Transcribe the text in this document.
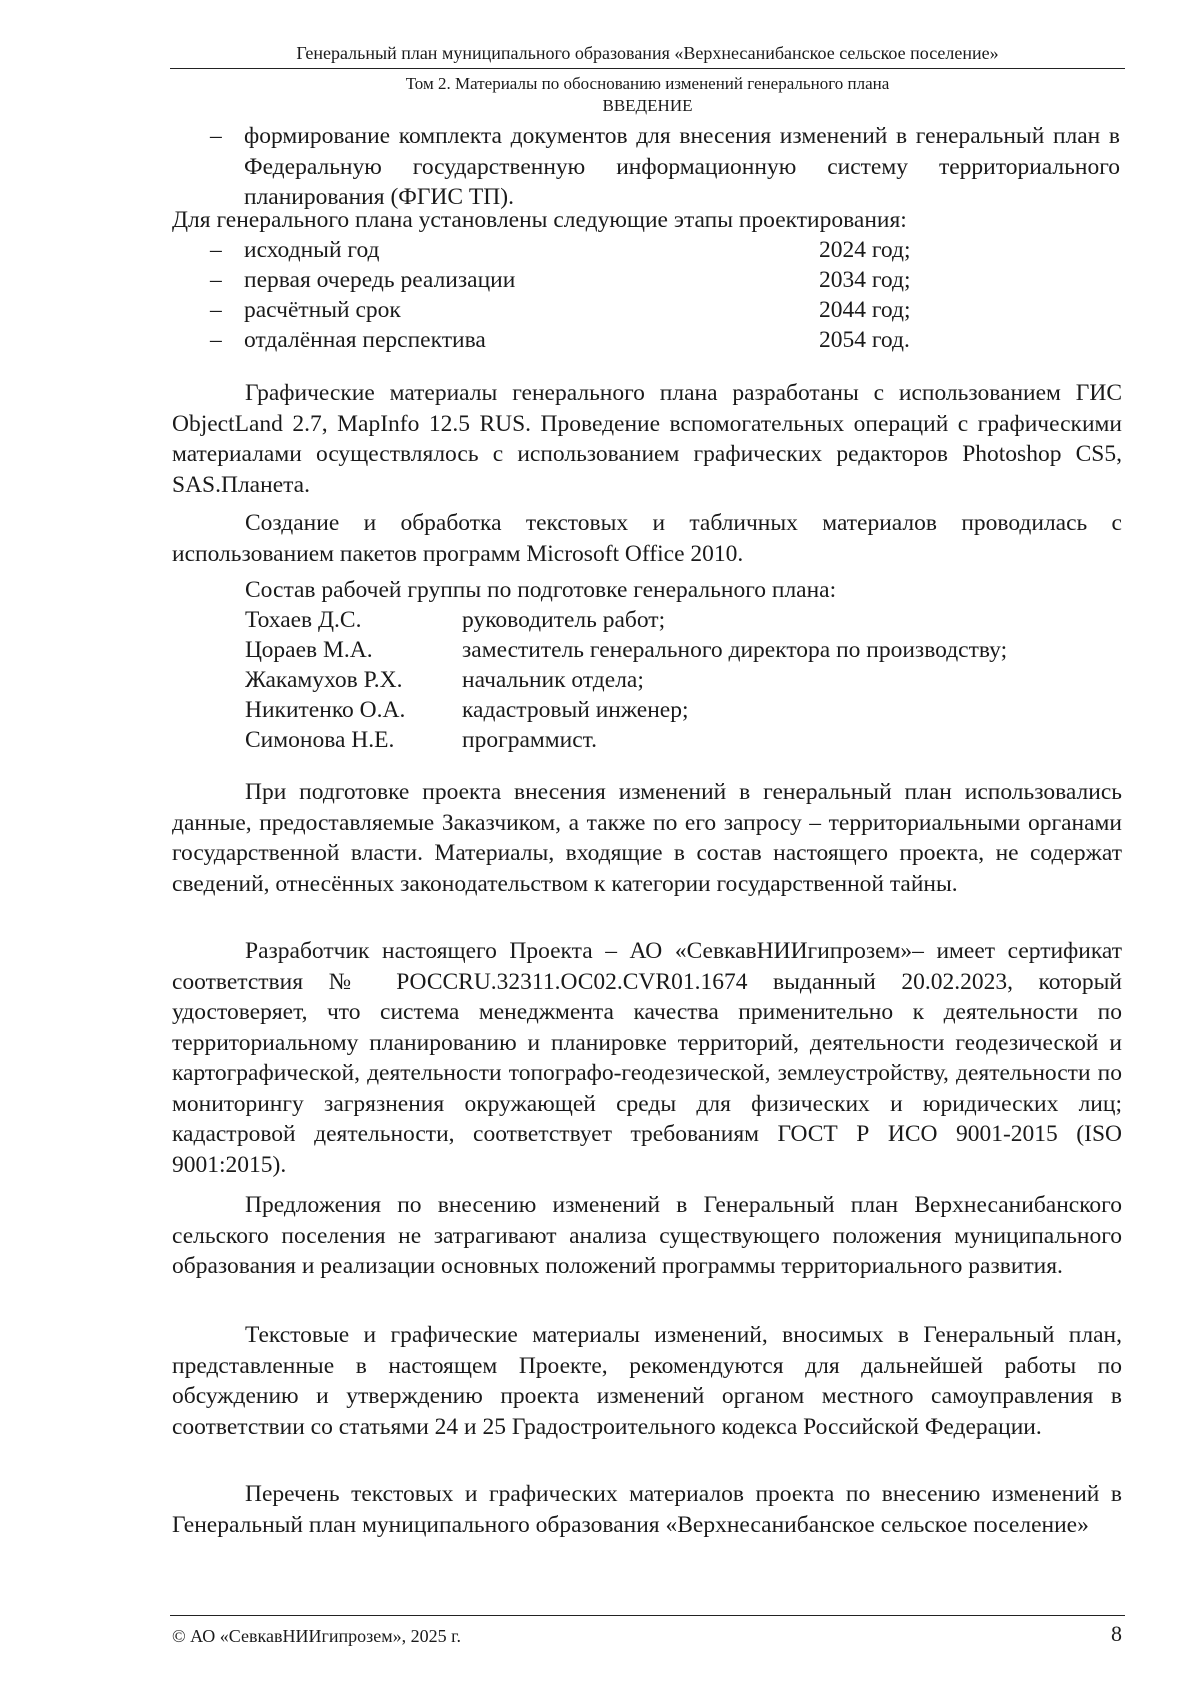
Генеральный план муниципального образования «Верхнесанибанское сельское поселение»
Том 2. Материалы по обоснованию изменений генерального плана
ВВЕДЕНИЕ
– формирование комплекта документов для внесения изменений в генеральный план в Федеральную государственную информационную систему территориального планирования (ФГИС ТП).
Для генерального плана установлены следующие этапы проектирования:
– исходный год	2024 год;
– первая очередь реализации	2034 год;
– расчётный срок	2044 год;
– отдалённая перспектива	2054 год.
Графические материалы генерального плана разработаны с использованием ГИС ObjectLand 2.7, MapInfo 12.5 RUS. Проведение вспомогательных операций с графическими материалами осуществлялось с использованием графических редакторов Photoshop CS5, SAS.Планета.
Создание и обработка текстовых и табличных материалов проводилась с использованием пакетов программ Microsoft Office 2010.
Состав рабочей группы по подготовке генерального плана:
Тохаев Д.С.	руководитель работ;
Цораев М.А.	заместитель генерального директора по производству;
Жакамухов Р.Х.	начальник отдела;
Никитенко О.А.	кадастровый инженер;
Симонова Н.Е.	программист.
При подготовке проекта внесения изменений в генеральный план использовались данные, предоставляемые Заказчиком, а также по его запросу – территориальными органами государственной власти. Материалы, входящие в состав настоящего проекта, не содержат сведений, отнесённых законодательством к категории государственной тайны.
Разработчик настоящего Проекта – АО «СевкавНИИгипрозем»– имеет сертификат соответствия № РОССRU.32311.ОС02.CVR01.1674 выданный 20.02.2023, который удостоверяет, что система менеджмента качества применительно к деятельности по территориальному планированию и планировке территорий, деятельности геодезической и картографической, деятельности топографо-геодезической, землеустройству, деятельности по мониторингу загрязнения окружающей среды для физических и юридических лиц; кадастровой деятельности, соответствует требованиям ГОСТ Р ИСО 9001-2015 (ISO 9001:2015).
Предложения по внесению изменений в Генеральный план Верхнесанибанского сельского поселения не затрагивают анализа существующего положения муниципального образования и реализации основных положений программы территориального развития.
Текстовые и графические материалы изменений, вносимых в Генеральный план, представленные в настоящем Проекте, рекомендуются для дальнейшей работы по обсуждению и утверждению проекта изменений органом местного самоуправления в соответствии со статьями 24 и 25 Градостроительного кодекса Российской Федерации.
Перечень текстовых и графических материалов проекта по внесению изменений в Генеральный план муниципального образования «Верхнесанибанское сельское поселение»
© АО «СевкавНИИгипрозем», 2025 г.	8
